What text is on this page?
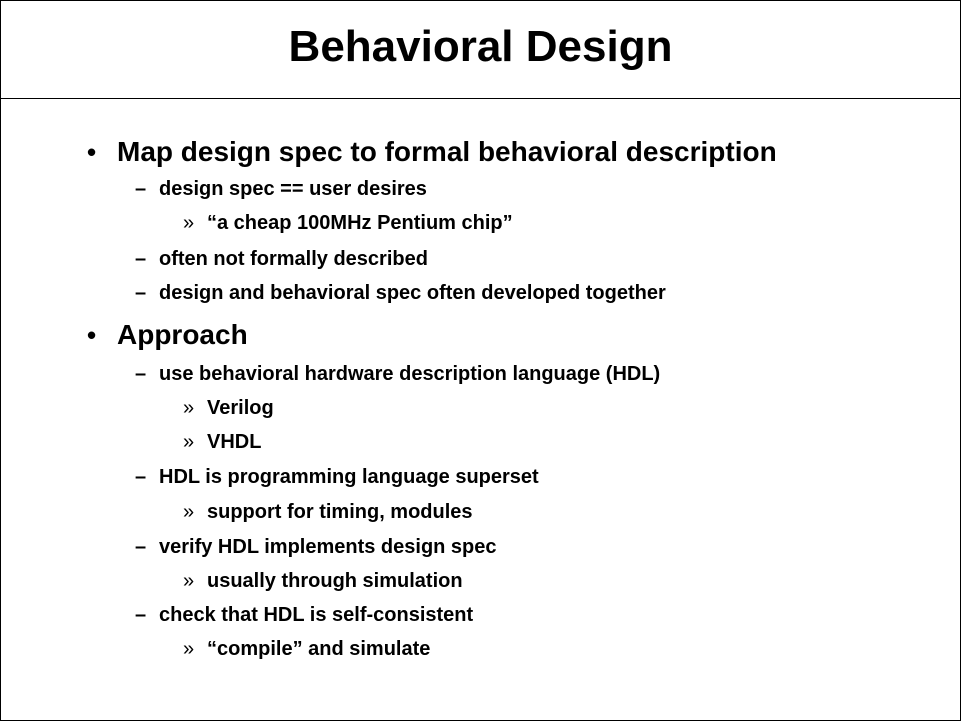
Behavioral Design
• Map design spec to formal behavioral description
– design spec == user desires
» “a cheap 100MHz Pentium chip”
– often not formally described
– design and behavioral spec often developed together
• Approach
– use behavioral hardware description language (HDL)
» Verilog
» VHDL
– HDL is programming language superset
» support for timing, modules
– verify HDL implements design spec
» usually through simulation
– check that HDL is self-consistent
» “compile” and simulate
